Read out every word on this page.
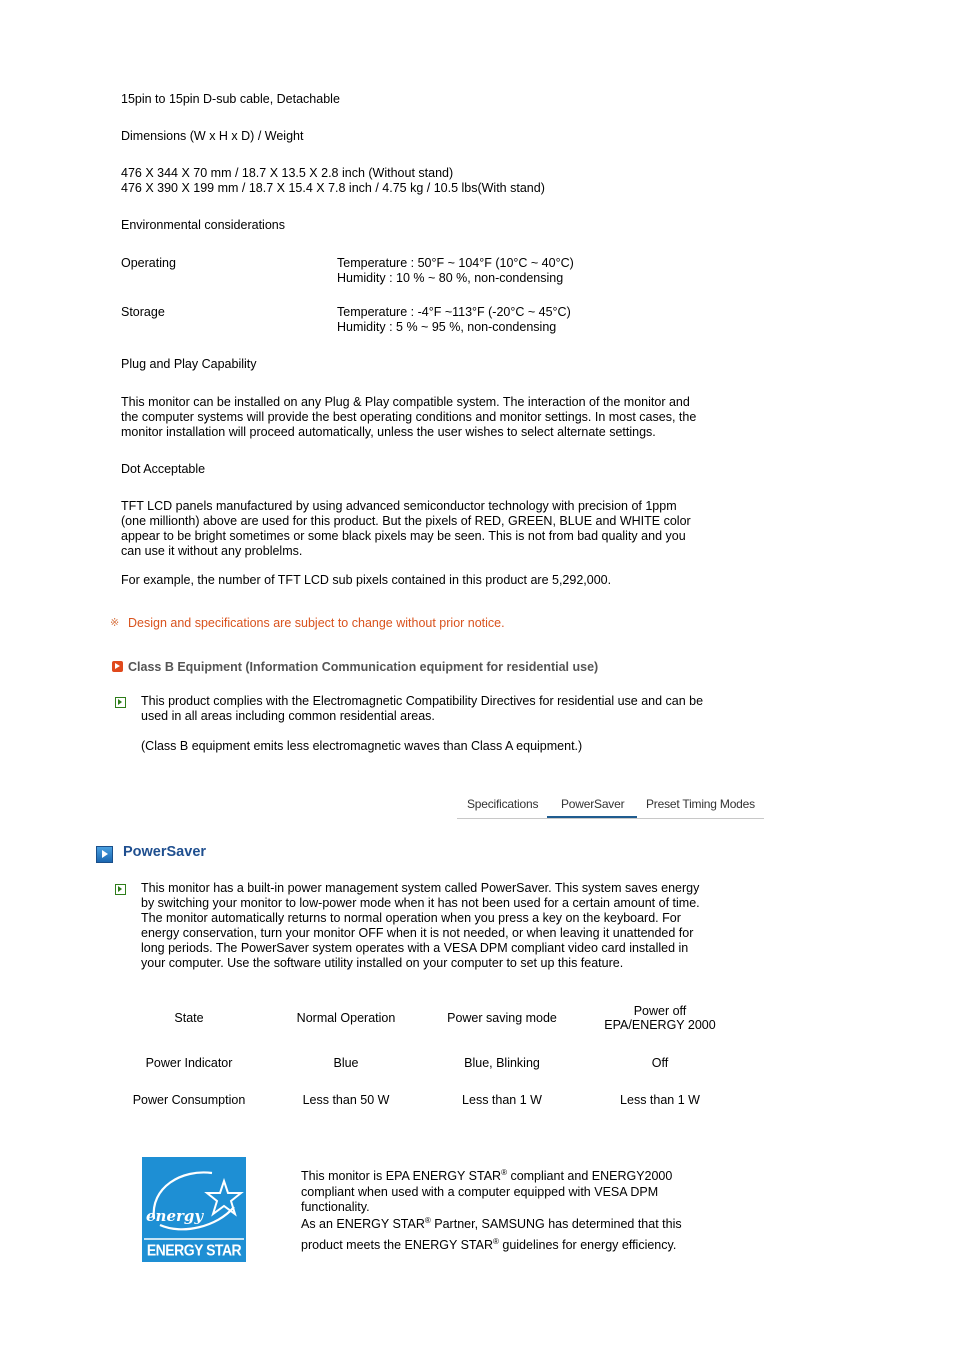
15pin to 15pin D-sub cable, Detachable
Dimensions (W x H x D) / Weight
476 X 344 X 70 mm / 18.7 X 13.5 X 2.8 inch (Without stand)
476 X 390 X 199 mm / 18.7 X 15.4 X 7.8 inch / 4.75 kg / 10.5 lbs(With stand)
Environmental considerations
Operating	Temperature : 50°F ~ 104°F (10°C ~ 40°C)
Humidity : 10 % ~ 80 %, non-condensing
Storage	Temperature : -4°F ~113°F (-20°C ~ 45°C)
Humidity : 5 % ~ 95 %, non-condensing
Plug and Play Capability
This monitor can be installed on any Plug & Play compatible system. The interaction of the monitor and
the computer systems will provide the best operating conditions and monitor settings. In most cases, the
monitor installation will proceed automatically, unless the user wishes to select alternate settings.
Dot Acceptable
TFT LCD panels manufactured by using advanced semiconductor technology with precision of 1ppm
(one millionth) above are used for this product. But the pixels of RED, GREEN, BLUE and WHITE color
appear to be bright sometimes or some black pixels may be seen. This is not from bad quality and you
can use it without any problelms.
For example, the number of TFT LCD sub pixels contained in this product are 5,292,000.
※ Design and specifications are subject to change without prior notice.
Class B Equipment (Information Communication equipment for residential use)
This product complies with the Electromagnetic Compatibility Directives for residential use and can be
used in all areas including common residential areas.
(Class B equipment emits less electromagnetic waves than Class A equipment.)
Specifications PowerSaver Preset Timing Modes
PowerSaver
This monitor has a built-in power management system called PowerSaver. This system saves energy
by switching your monitor to low-power mode when it has not been used for a certain amount of time.
The monitor automatically returns to normal operation when you press a key on the keyboard. For
energy conservation, turn your monitor OFF when it is not needed, or when leaving it unattended for
long periods. The PowerSaver system operates with a VESA DPM compliant video card installed in
your computer. Use the software utility installed on your computer to set up this feature.
State	Normal Operation	Power saving mode	Power off
EPA/ENERGY 2000
Power Indicator	Blue	Blue, Blinking	Off
Power Consumption	Less than 50 W	Less than 1 W	Less than 1 W
energy
ENERGY STAR
This monitor is EPA ENERGY STAR® compliant and ENERGY2000
compliant when used with a computer equipped with VESA DPM
functionality.
As an ENERGY STAR® Partner, SAMSUNG has determined that this
product meets the ENERGY STAR® guidelines for energy efficiency.
